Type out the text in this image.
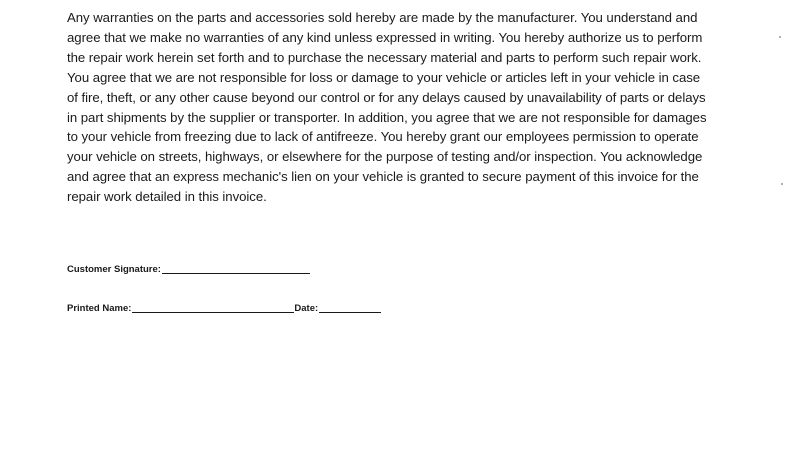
Any warranties on the parts and accessories sold hereby are made by the manufacturer. You understand and
agree that we make no warranties of any kind unless expressed in writing. You hereby authorize us to perform
the repair work herein set forth and to purchase the necessary material and parts to perform such repair work.
You agree that we are not responsible for loss or damage to your vehicle or articles left in your vehicle in case
of fire, theft, or any other cause beyond our control or for any delays caused by unavailability of parts or delays
in part shipments by the supplier or transporter. In addition, you agree that we are not responsible for damages
to your vehicle from freezing due to lack of antifreeze. You hereby grant our employees permission to operate
your vehicle on streets, highways, or elsewhere for the purpose of testing and/or inspection. You acknowledge
and agree that an express mechanic's lien on your vehicle is granted to secure payment of this invoice for the
repair work detailed in this invoice.
Customer Signature:
Printed Name:	Date:
